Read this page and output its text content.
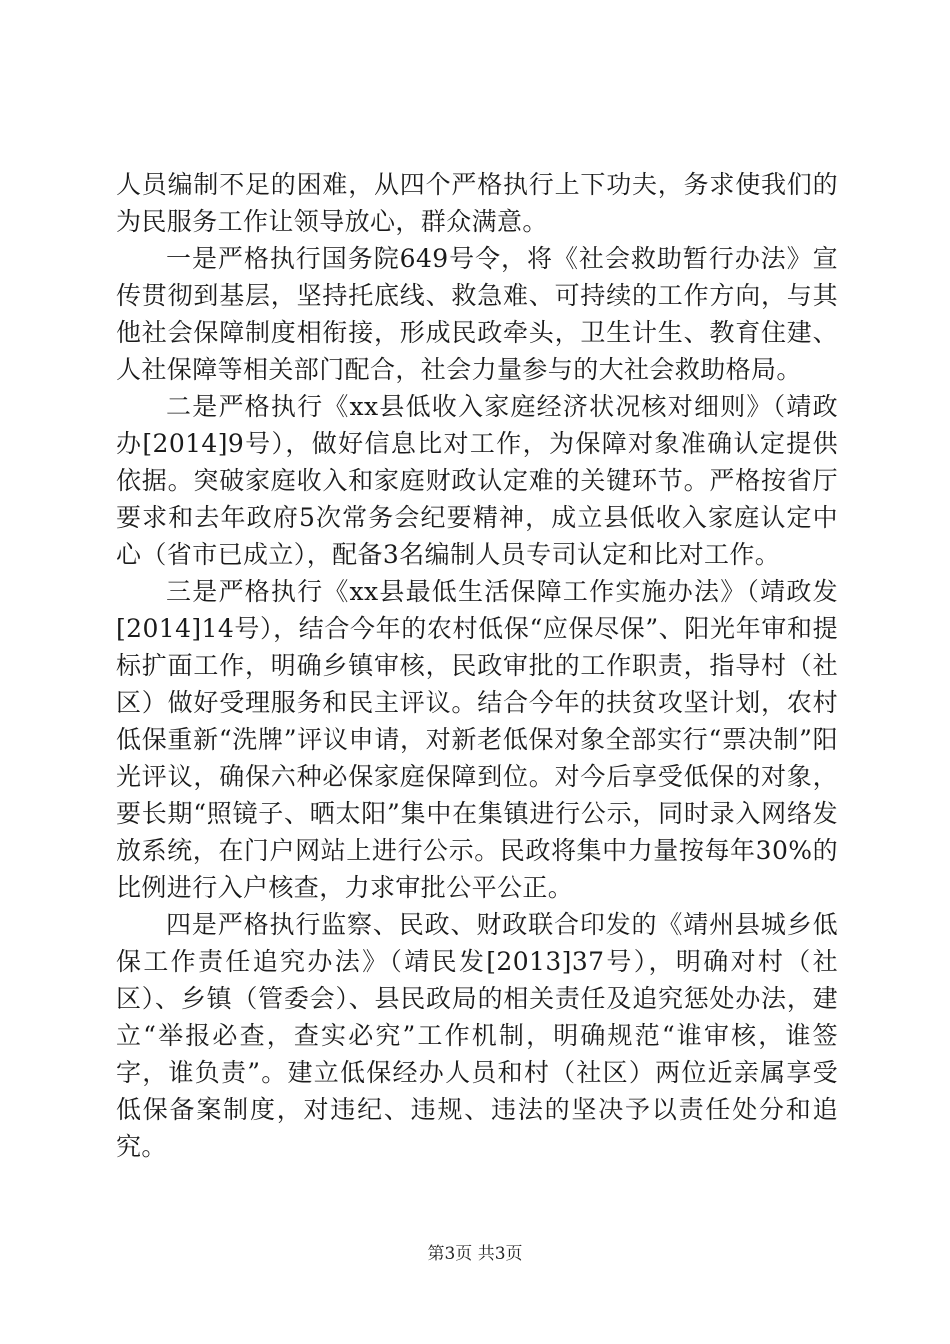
人员编制不足的困难，从四个严格执行上下功夫，务求使我们的为民服务工作让领导放心，群众满意。

一是严格执行国务院649号令，将《社会救助暂行办法》宣传贯彻到基层，坚持托底线、救急难、可持续的工作方向，与其他社会保障制度相衔接，形成民政牵头，卫生计生、教育住建、人社保障等相关部门配合，社会力量参与的大社会救助格局。

二是严格执行《xx县低收入家庭经济状况核对细则》（靖政办[2014]9号），做好信息比对工作，为保障对象准确认定提供依据。突破家庭收入和家庭财政认定难的关键环节。严格按省厅要求和去年政府5次常务会纪要精神，成立县低收入家庭认定中心（省市已成立），配备3名编制人员专司认定和比对工作。

三是严格执行《xx县最低生活保障工作实施办法》（靖政发[2014]14号），结合今年的农村低保“应保尽保”、阳光年审和提标扩面工作，明确乡镇审核，民政审批的工作职责，指导村（社区）做好受理服务和民主评议。结合今年的扶贫攻坚计划，农村低保重新“洗牌”评议申请，对新老低保对象全部实行“票决制”阳光评议，确保六种必保家庭保障到位。对今后享受低保的对象，要长期“照镜子、晒太阳”集中在集镇进行公示，同时录入网络发放系统，在门户网站上进行公示。民政将集中力量按每年30%的比例进行入户核查，力求审批公平公正。

四是严格执行监察、民政、财政联合印发的《靖州县城乡低保工作责任追究办法》（靖民发[2013]37号），明确对村（社区）、乡镇（管委会）、县民政局的相关责任及追究惩处办法，建立“举报必查，查实必究”工作机制，明确规范“谁审核，谁签字，谁负责”。建立低保经办人员和村（社区）两位近亲属享受低保备案制度，对违纪、违规、违法的坚决予以责任处分和追究。

第3页 共3页
